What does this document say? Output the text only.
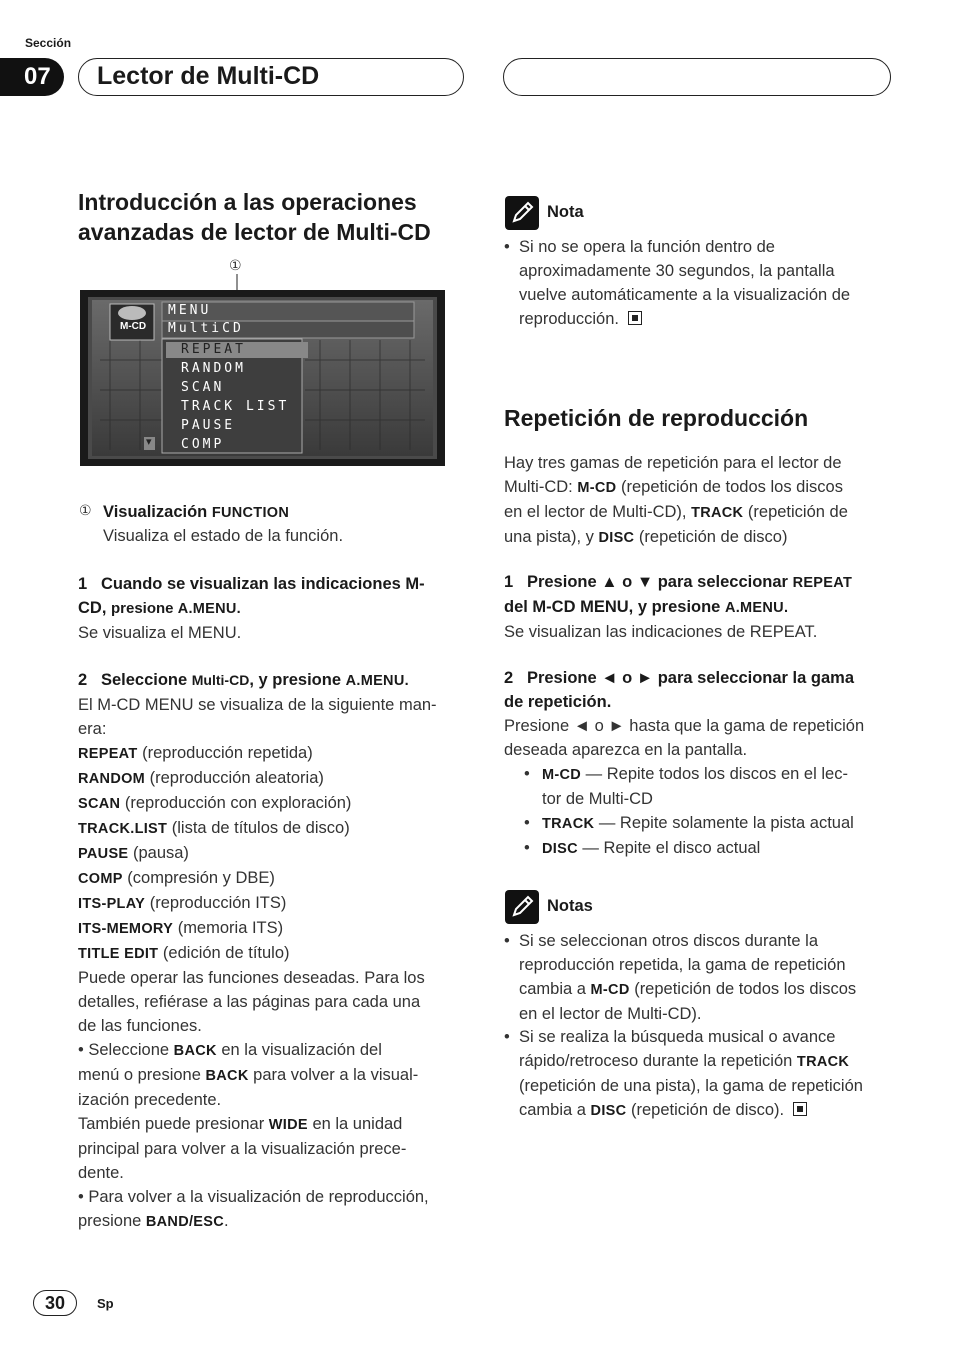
Sección
07	Lector de Multi-CD
Introducción a las operaciones avanzadas de lector de Multi-CD
①
M-CD
MENU
MultiCD
REPEAT
RANDOM
SCAN
TRACK LIST
PAUSE
COMP
▾
① Visualización FUNCTION
Visualiza el estado de la función.
1 Cuando se visualizan las indicaciones M-
CD, presione A.MENU.
Se visualiza el MENU.
2 Seleccione Multi-CD, y presione A.MENU.
El M-CD MENU se visualiza de la siguiente man-
era:
REPEAT (reproducción repetida)
RANDOM (reproducción aleatoria)
SCAN (reproducción con exploración)
TRACK.LIST (lista de títulos de disco)
PAUSE (pausa)
COMP (compresión y DBE)
ITS-PLAY (reproducción ITS)
ITS-MEMORY (memoria ITS)
TITLE EDIT (edición de título)
Puede operar las funciones deseadas. Para los
detalles, refiérase a las páginas para cada una
de las funciones.
• Seleccione BACK en la visualización del
menú o presione BACK para volver a la visual-
ización precedente.
También puede presionar WIDE en la unidad
principal para volver a la visualización prece-
dente.
• Para volver a la visualización de reproducción,
presione BAND/ESC.
Nota
• Si no se opera la función dentro de
aproximadamente 30 segundos, la pantalla
vuelve automáticamente a la visualización de
reproducción.
Repetición de reproducción
Hay tres gamas de repetición para el lector de
Multi-CD: M-CD (repetición de todos los discos
en el lector de Multi-CD), TRACK (repetición de
una pista), y DISC (repetición de disco)
1 Presione ▲ o ▼ para seleccionar REPEAT
del M-CD MENU, y presione A.MENU.
Se visualizan las indicaciones de REPEAT.
2 Presione ◄ o ► para seleccionar la gama
de repetición.
Presione ◄ o ► hasta que la gama de repetición
deseada aparezca en la pantalla.
• M-CD — Repite todos los discos en el lec-
tor de Multi-CD
• TRACK — Repite solamente la pista actual
• DISC — Repite el disco actual
Notas
• Si se seleccionan otros discos durante la
reproducción repetida, la gama de repetición
cambia a M-CD (repetición de todos los discos
en el lector de Multi-CD).
• Si se realiza la búsqueda musical o avance
rápido/retroceso durante la repetición TRACK
(repetición de una pista), la gama de repetición
cambia a DISC (repetición de disco).
30	Sp
